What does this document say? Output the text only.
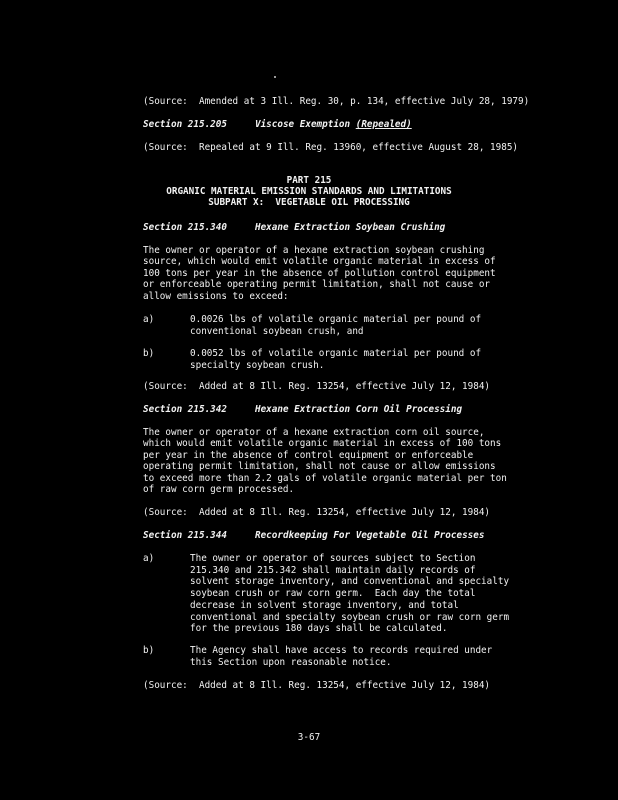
(Source:  Amended at 3 Ill. Reg. 30, p. 134, effective July 28, 1979)

Section 215.205	Viscose Exemption (Repealed)

(Source:  Repealed at 9 Ill. Reg. 13960, effective August 28, 1985)

PART 215

ORGANIC MATERIAL EMISSION STANDARDS AND LIMITATIONS

SUBPART X:  VEGETABLE OIL PROCESSING

Section 215.340	Hexane Extraction Soybean Crushing

The owner or operator of a hexane extraction soybean crushing

source, which would emit volatile organic material in excess of

100 tons per year in the absence of pollution control equipment

or enforceable operating permit limitation, shall not cause or

allow emissions to exceed:

a)	0.0026 lbs of volatile organic material per pound of
conventional soybean crush, and
b)	0.0052 lbs of volatile organic material per pound of
specialty soybean crush.

(Source:  Added at 8 Ill. Reg. 13254, effective July 12, 1984)

Section 215.342	Hexane Extraction Corn Oil Processing

The owner or operator of a hexane extraction corn oil source,

which would emit volatile organic material in excess of 100 tons

per year in the absence of control equipment or enforceable

operating permit limitation, shall not cause or allow emissions

to exceed more than 2.2 gals of volatile organic material per ton

of raw corn germ processed.

(Source:  Added at 8 Ill. Reg. 13254, effective July 12, 1984)

Section 215.344	Recordkeeping For Vegetable Oil Processes

a)	The owner or operator of sources subject to Section
215.340 and 215.342 shall maintain daily records of
solvent storage inventory, and conventional and specialty
soybean crush or raw corn germ.  Each day the total
decrease in solvent storage inventory, and total
conventional and specialty soybean crush or raw corn germ
for the previous 180 days shall be calculated.
b)	The Agency shall have access to records required under
this Section upon reasonable notice.

(Source:  Added at 8 Ill. Reg. 13254, effective July 12, 1984)

3-67
